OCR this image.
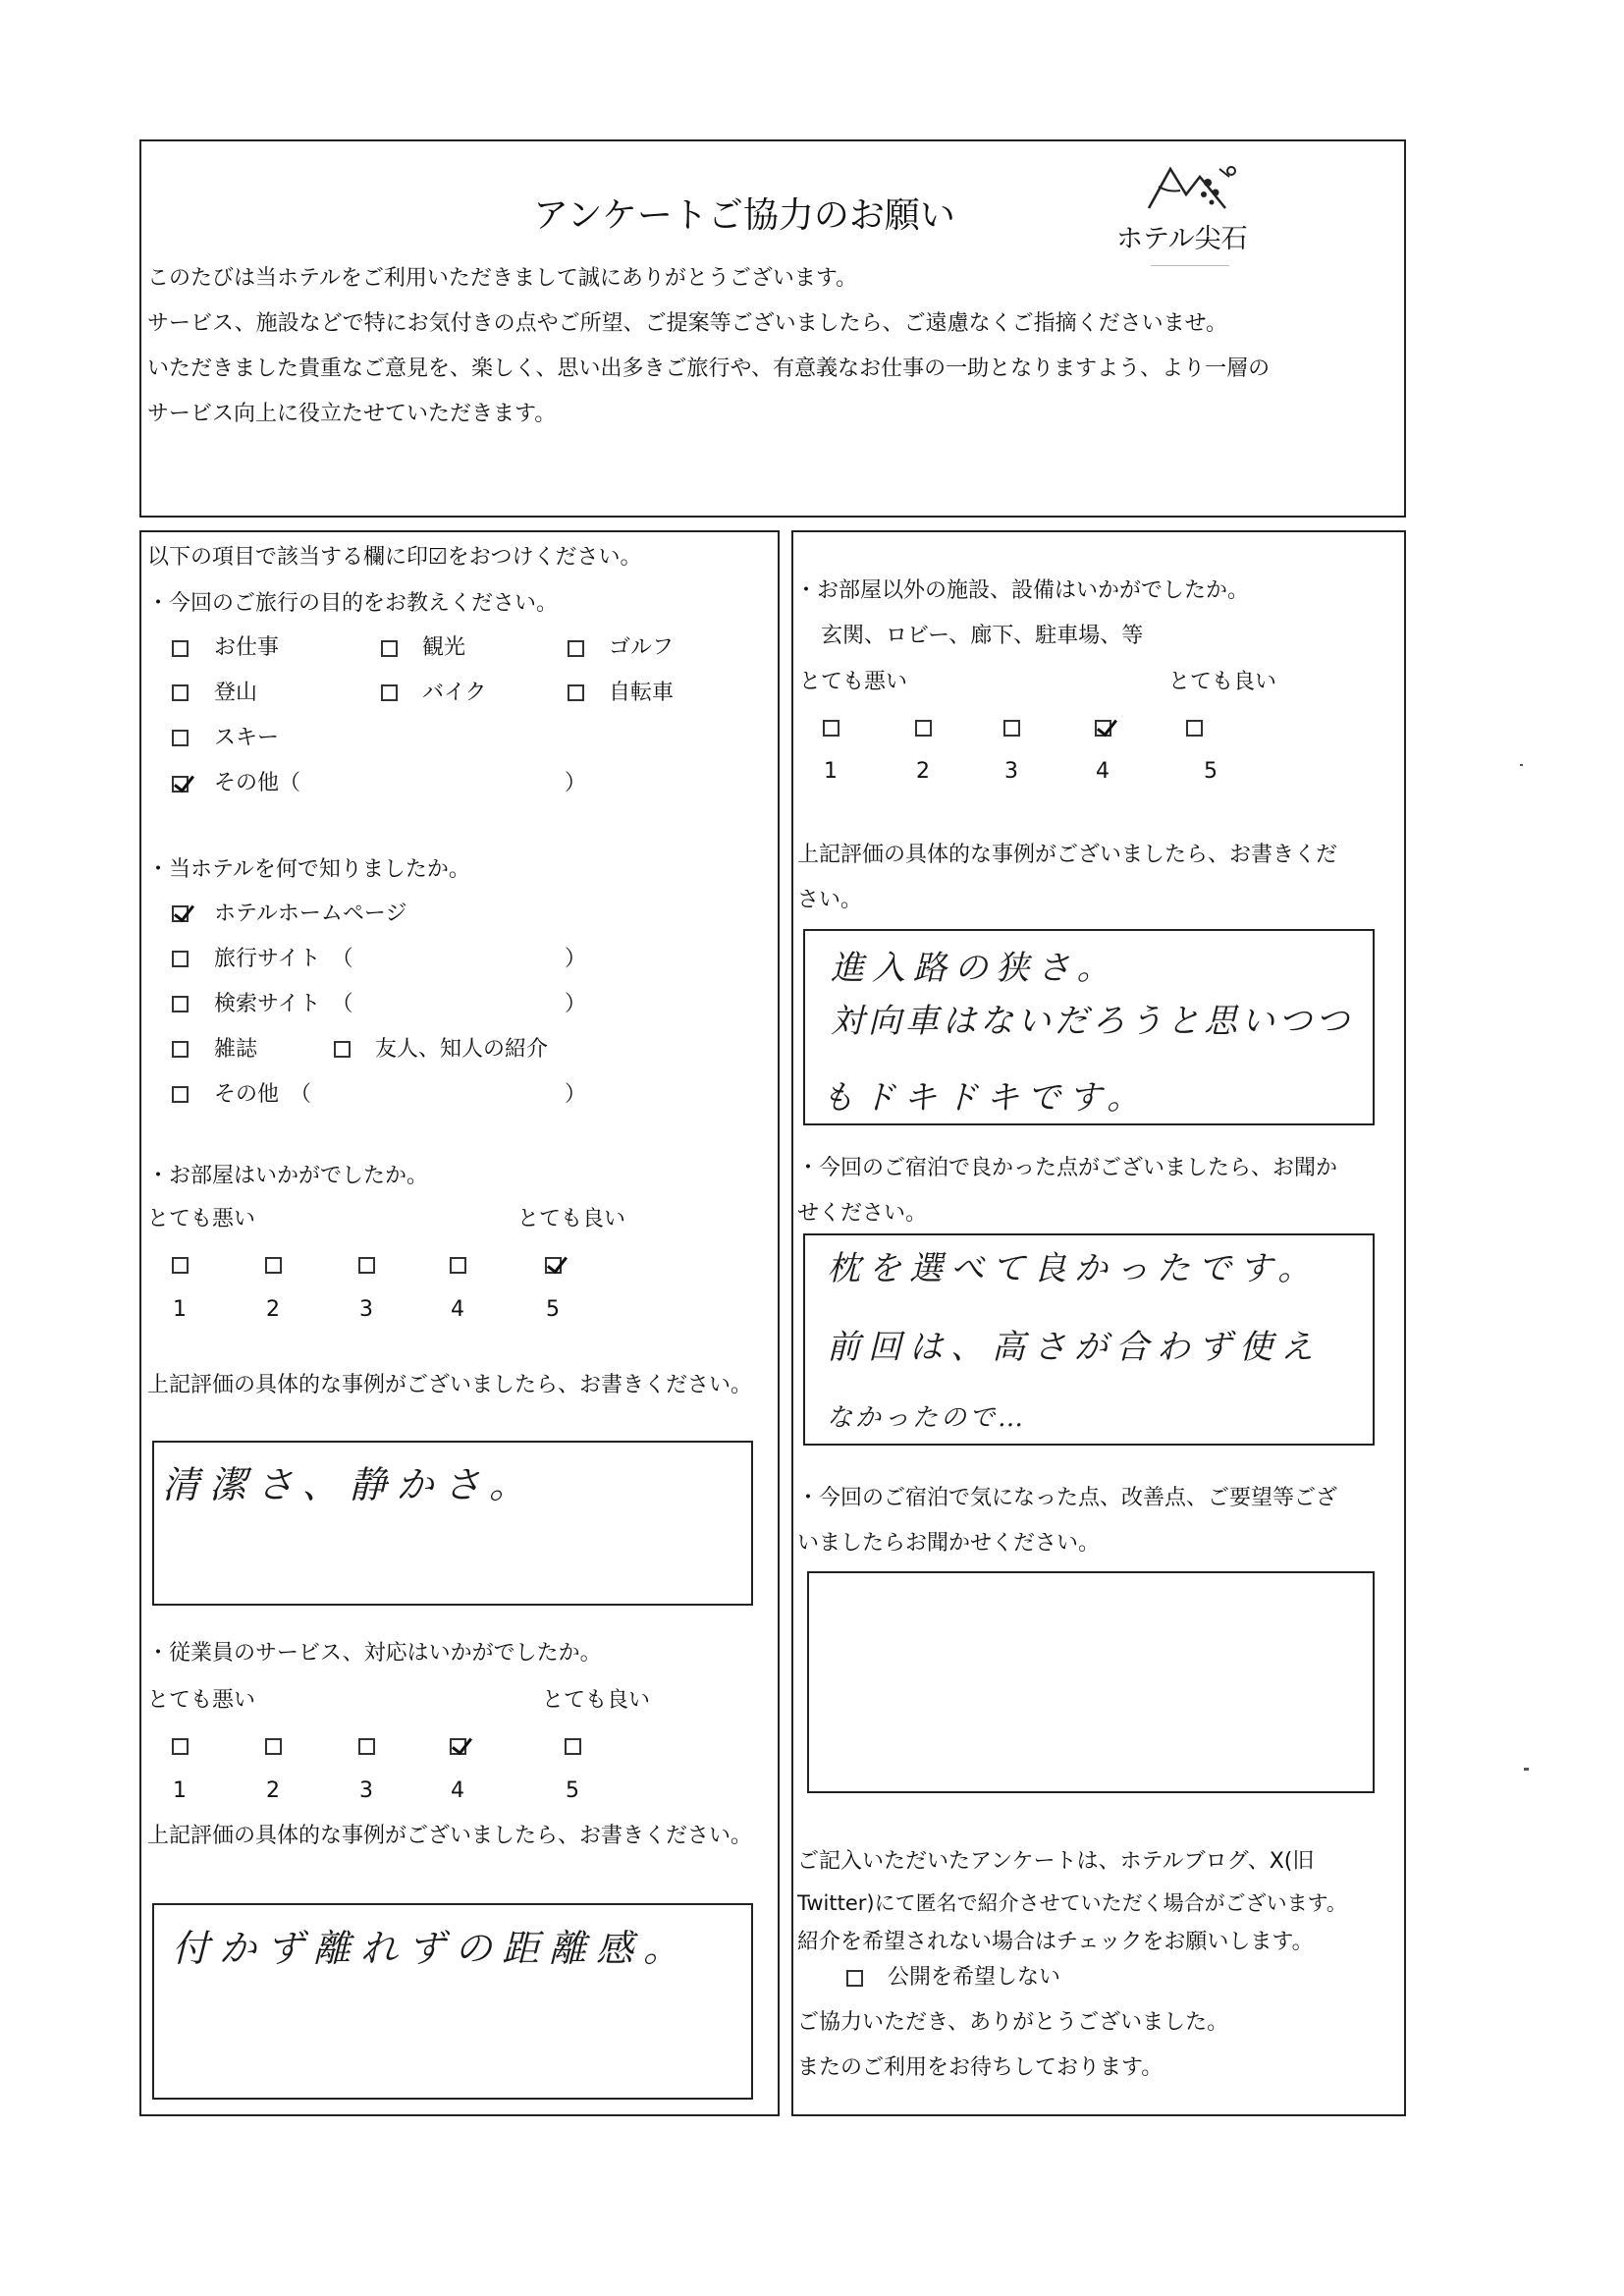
アンケートご協力のお願い
ホテル尖石
このたびは当ホテルをご利用いただきまして誠にありがとうございます。
サービス、施設などで特にお気付きの点やご所望、ご提案等ございましたら、ご遠慮なくご指摘くださいませ。
いただきました貴重なご意見を、楽しく、思い出多きご旅行や、有意義なお仕事の一助となりますよう、より一層の
サービス向上に役立たせていただきます。
以下の項目で該当する欄に印☑をおつけください。
・今回のご旅行の目的をお教えください。
お仕事	観光	ゴルフ
登山	バイク	自転車
スキー
その他（	）
・当ホテルを何で知りましたか。
ホテルホームページ
旅行サイト　（	）
検索サイト　（	）
雑誌	友人、知人の紹介
その他　（	）
・お部屋はいかがでしたか。
とても悪い	とても良い
1	2	3	4	5
上記評価の具体的な事例がございましたら、お書きください。
清潔さ、静かさ。
・従業員のサービス、対応はいかがでしたか。
とても悪い	とても良い
1	2	3	4	5
上記評価の具体的な事例がございましたら、お書きください。
付かず離れずの距離感。
・お部屋以外の施設、設備はいかがでしたか。
玄関、ロビー、廊下、駐車場、等
とても悪い	とても良い
1	2	3	4	5
上記評価の具体的な事例がございましたら、お書きくだ
さい。
進入路の狭さ。
対向車はないだろうと思いつつ
もドキドキです。
・今回のご宿泊で良かった点がございましたら、お聞か
せください。
枕を選べて良かったです。
前回は、高さが合わず使え
なかったので…
・今回のご宿泊で気になった点、改善点、ご要望等ござ
いましたらお聞かせください。
ご記入いただいたアンケートは、ホテルブログ、X(旧
Twitter)にて匿名で紹介させていただく場合がございます。
紹介を希望されない場合はチェックをお願いします。
公開を希望しない
ご協力いただき、ありがとうございました。
またのご利用をお待ちしております。
